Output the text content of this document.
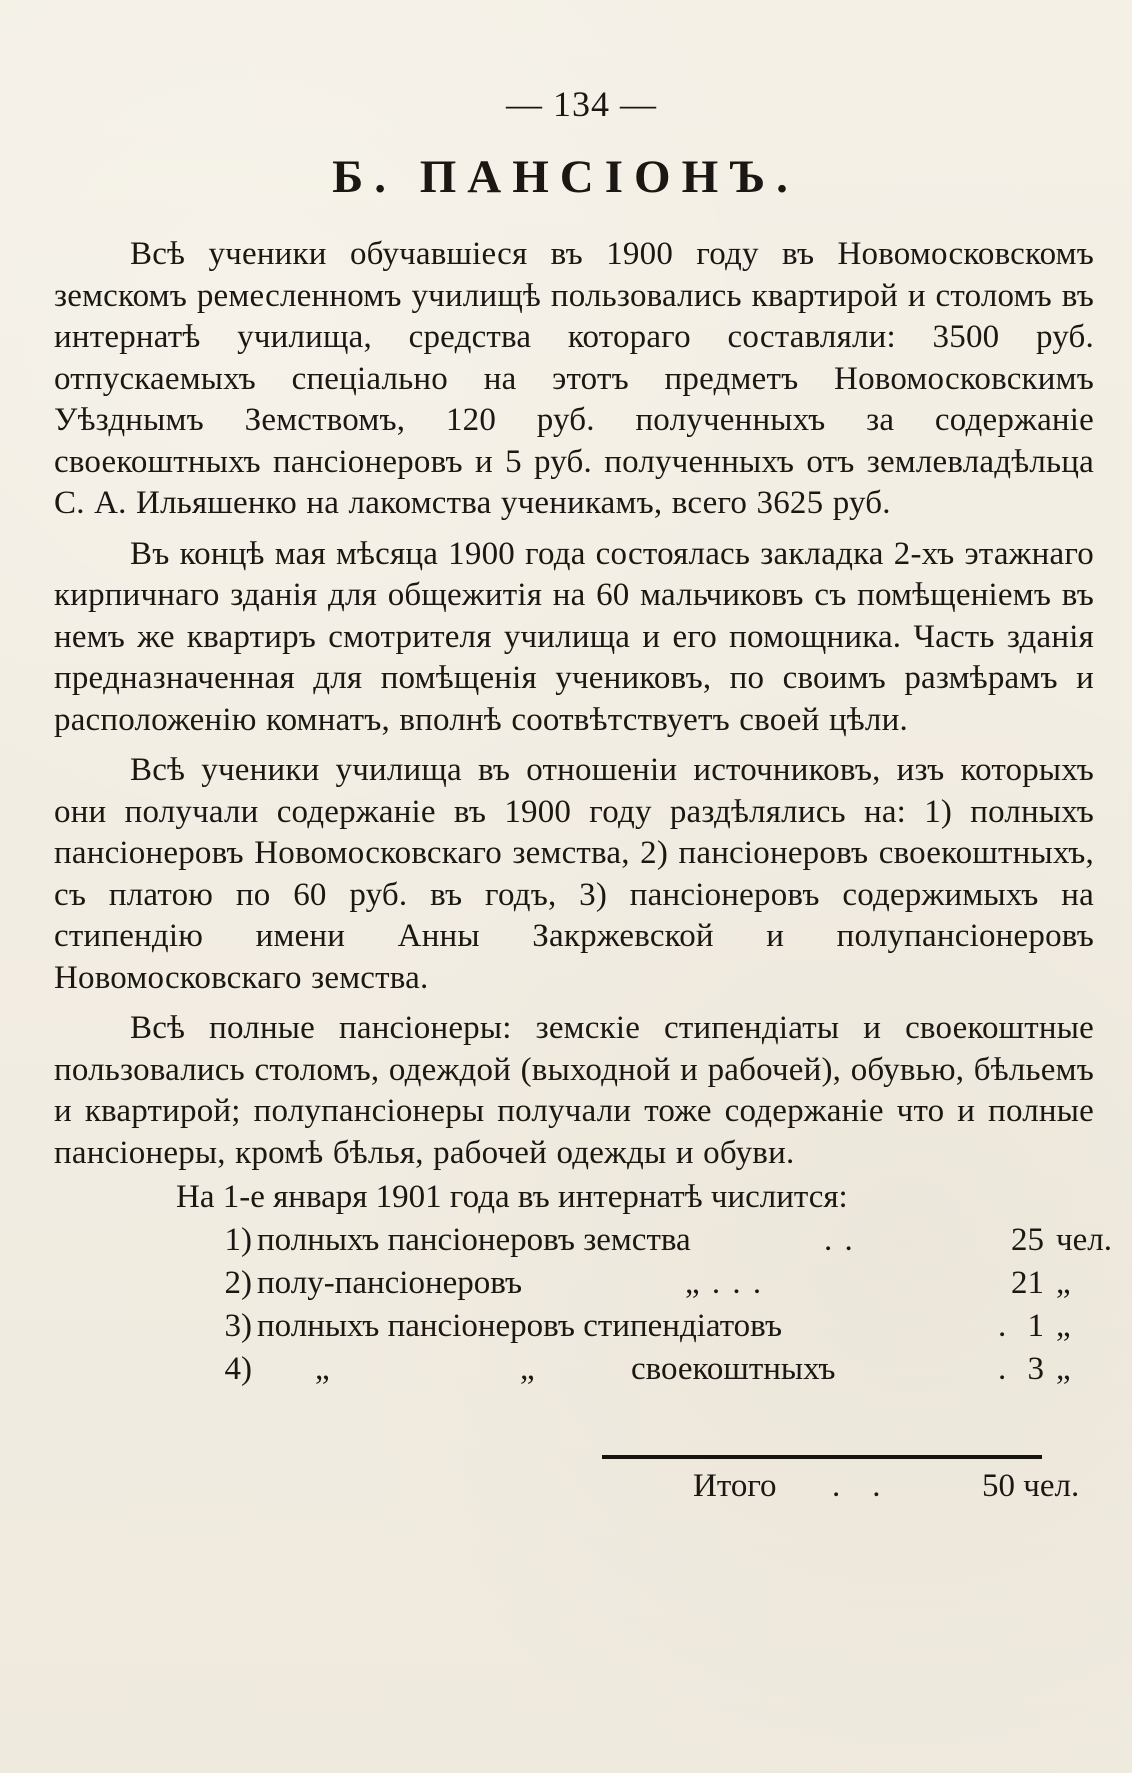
— 134 —
Б. ПАНСІОНЪ.

Всѣ ученики обучавшіеся въ 1900 году въ Новомосковскомъ земскомъ ремесленномъ училищѣ пользовались квартирой и столомъ въ интернатѣ училища, средства котораго составляли: 3500 руб. отпускаемыхъ спеціально на этотъ предметъ Новомосковскимъ Уѣзднымъ Земствомъ, 120 руб. полученныхъ за содержаніе своекоштныхъ пансіонеровъ и 5 руб. полученныхъ отъ землевладѣльца С. А. Ильяшенко на лакомства ученикамъ, всего 3625 руб.

Въ концѣ мая мѣсяца 1900 года состоялась закладка 2-хъ этажнаго кирпичнаго зданія для общежитія на 60 мальчиковъ съ помѣщеніемъ въ немъ же квартиръ смотрителя училища и его помощника. Часть зданія предназначенная для помѣщенія учениковъ, по своимъ размѣрамъ и расположенію комнатъ, вполнѣ соотвѣтствуетъ своей цѣли.

Всѣ ученики училища въ отношеніи источниковъ, изъ которыхъ они получали содержаніе въ 1900 году раздѣлялись на: 1) полныхъ пансіонеровъ Новомосковскаго земства, 2) пансіонеровъ своекоштныхъ, съ платою по 60 руб. въ годъ, 3) пансіонеровъ содержимыхъ на стипендію имени Анны Закржевской и полупансіонеровъ Новомосковскаго земства.

Всѣ полные пансіонеры: земскіе стипендіаты и своекоштные пользовались столомъ, одеждой (выходной и рабочей), обувью, бѣльемъ и квартирой; полупансіонеры получали тоже содержаніе что и полные пансіонеры, кромѣ бѣлья, рабочей одежды и обуви.

На 1-е января 1901 года въ интернатѣ числится:
1) полныхъ пансіонеровъ земства	. .	25 чел.
2) полу-пансіонеровъ	„ . . .	21 „
3) полныхъ пансіонеровъ стипендіатовъ	. 1 „
4) „	„	своекоштныхъ	. 3 „
Итого .. 50 чел.
